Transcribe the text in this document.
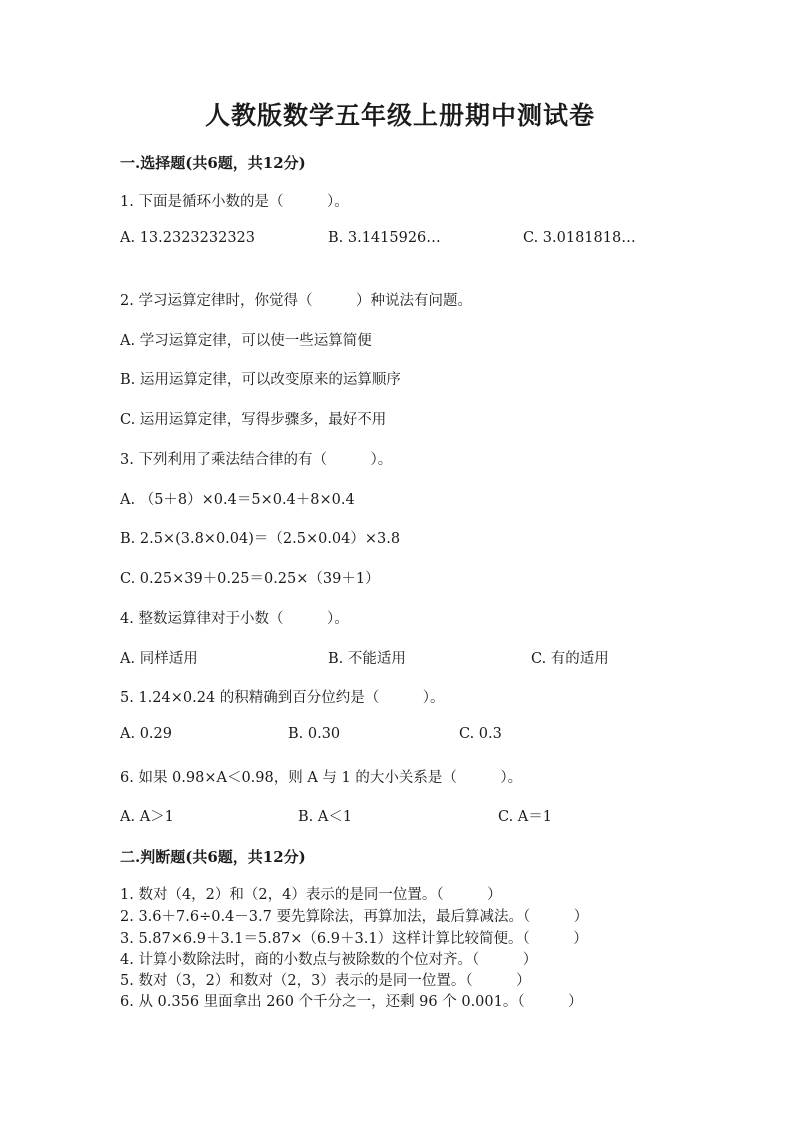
人教版数学五年级上册期中测试卷
一.选择题(共6题，共12分)
1. 下面是循环小数的是（　　　）。
A. 13.2323232323	B. 3.1415926…	C. 3.0181818…
2. 学习运算定律时，你觉得（　　　）种说法有问题。
A. 学习运算定律，可以使一些运算简便
B. 运用运算定律，可以改变原来的运算顺序
C. 运用运算定律，写得步骤多，最好不用
3. 下列利用了乘法结合律的有（　　　）。
A. （5＋8）×0.4＝5×0.4＋8×0.4
B. 2.5×(3.8×0.04)＝（2.5×0.04）×3.8
C. 0.25×39＋0.25＝0.25×（39＋1）
4. 整数运算律对于小数（　　　）。
A. 同样适用	B. 不能适用	C. 有的适用
5. 1.24×0.24 的积精确到百分位约是（　　　）。
A. 0.29	B. 0.30	C. 0.3
6. 如果 0.98×A＜0.98，则 A 与 1 的大小关系是（　　　）。
A. A＞1	B. A＜1	C. A＝1
二.判断题(共6题，共12分)
1. 数对（4，2）和（2，4）表示的是同一位置。（　　　）
2. 3.6＋7.6÷0.4－3.7 要先算除法，再算加法，最后算减法。（　　　）
3. 5.87×6.9＋3.1＝5.87×（6.9＋3.1）这样计算比较简便。（　　　）
4. 计算小数除法时，商的小数点与被除数的个位对齐。（　　　）
5. 数对（3，2）和数对（2，3）表示的是同一位置。（　　　）
6. 从 0.356 里面拿出 260 个千分之一，还剩 96 个 0.001。（　　　）
